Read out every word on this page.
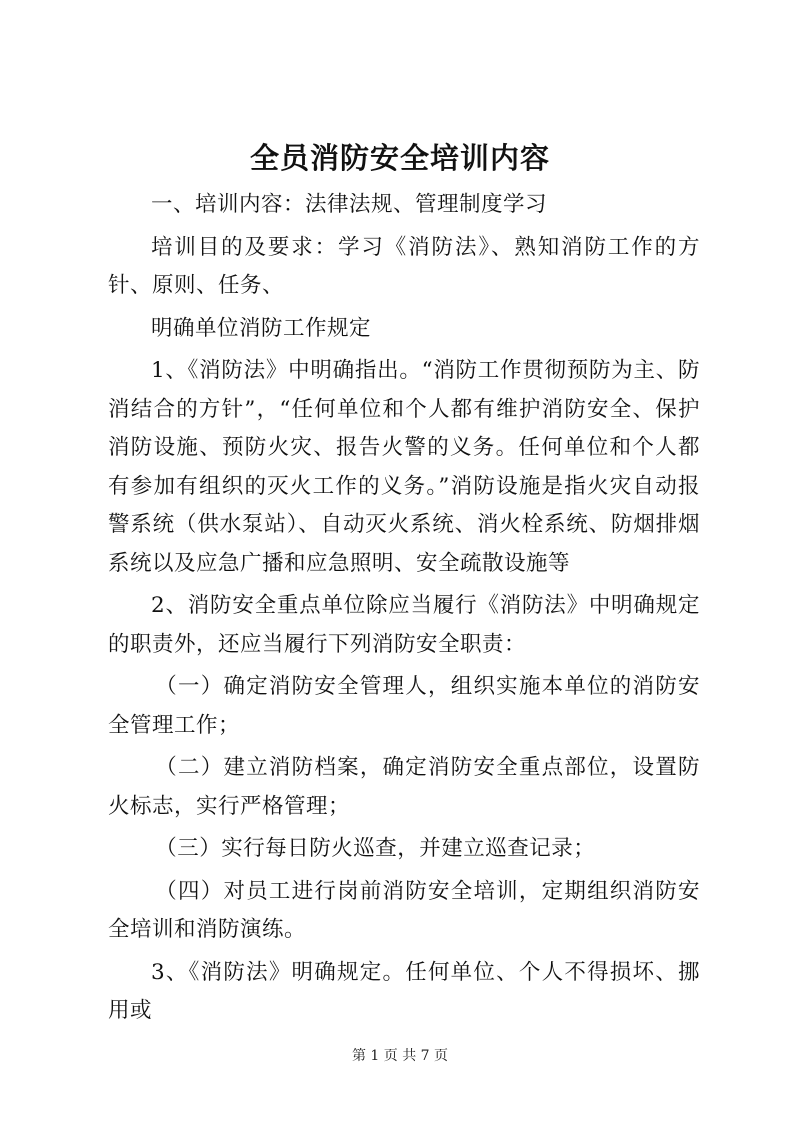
全员消防安全培训内容

一、培训内容：法律法规、管理制度学习

培训目的及要求：学习《消防法》、熟知消防工作的方针、原则、任务、

明确单位消防工作规定

1、《消防法》中明确指出。“消防工作贯彻预防为主、防消结合的方针”，“任何单位和个人都有维护消防安全、保护消防设施、预防火灾、报告火警的义务。任何单位和个人都有参加有组织的灭火工作的义务。”消防设施是指火灾自动报警系统（供水泵站）、自动灭火系统、消火栓系统、防烟排烟系统以及应急广播和应急照明、安全疏散设施等

2、消防安全重点单位除应当履行《消防法》中明确规定的职责外，还应当履行下列消防安全职责：

（一）确定消防安全管理人，组织实施本单位的消防安全管理工作；

（二）建立消防档案，确定消防安全重点部位，设置防火标志，实行严格管理；

（三）实行每日防火巡查，并建立巡查记录；

（四）对员工进行岗前消防安全培训，定期组织消防安全培训和消防演练。

3、《消防法》明确规定。任何单位、个人不得损坏、挪用或

第 1 页 共 7 页
